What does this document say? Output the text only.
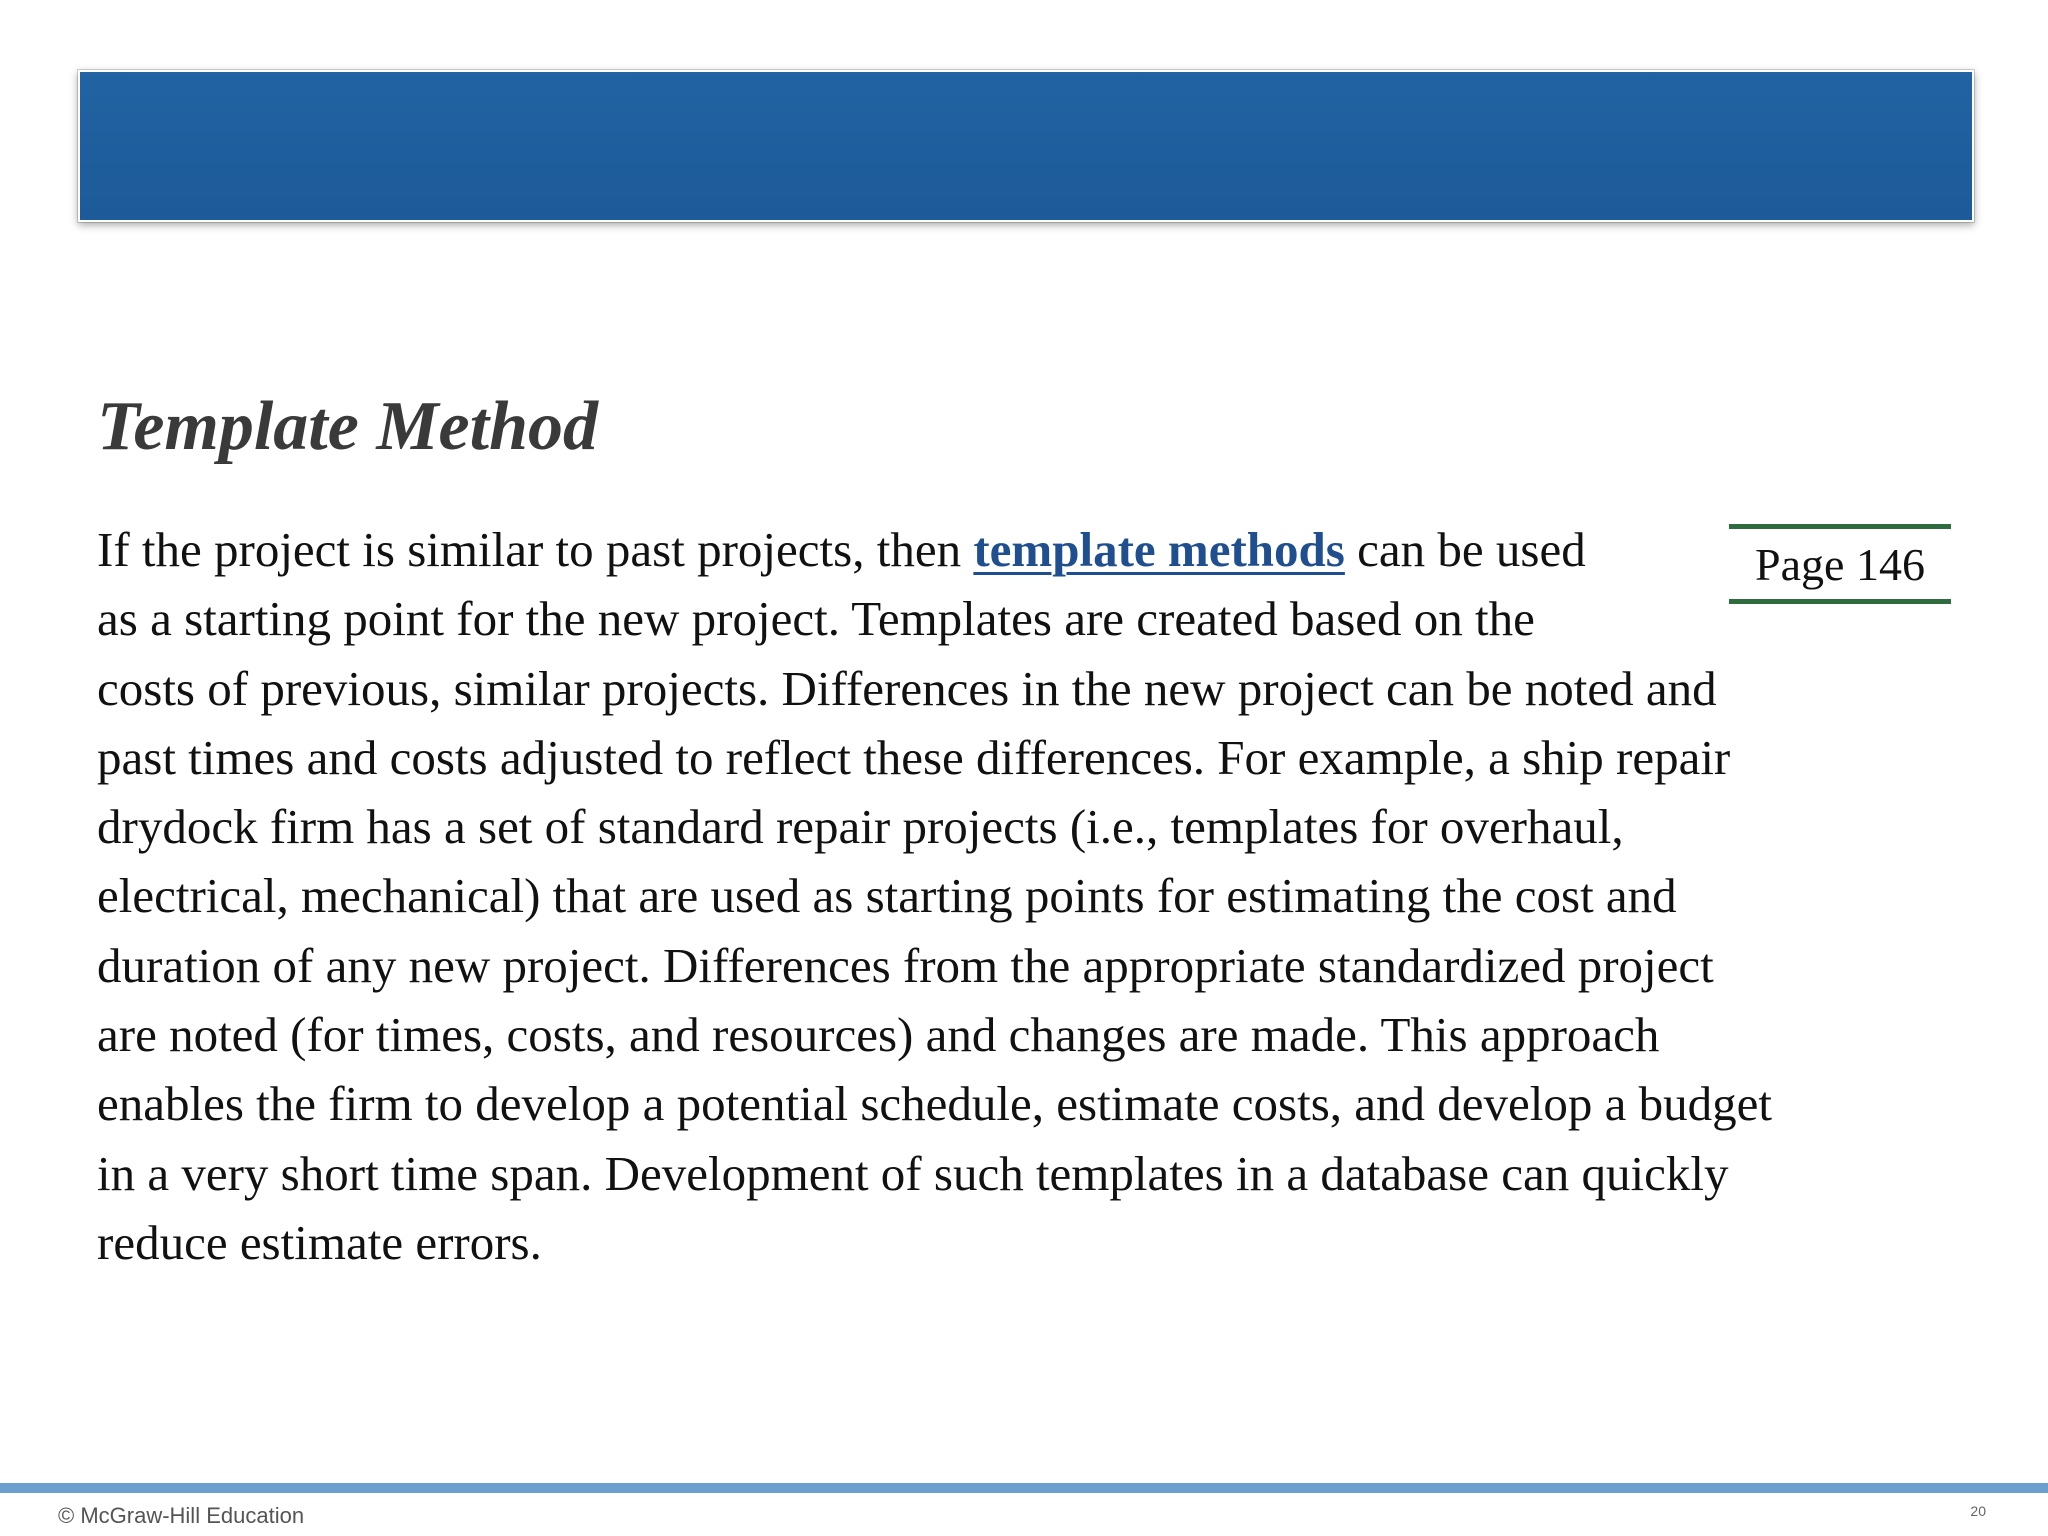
Template Method
Page 146
If the project is similar to past projects, then template methods can be used
as a starting point for the new project. Templates are created based on the
costs of previous, similar projects. Differences in the new project can be noted and
past times and costs adjusted to reflect these differences. For example, a ship repair
drydock firm has a set of standard repair projects (i.e., templates for overhaul,
electrical, mechanical) that are used as starting points for estimating the cost and
duration of any new project. Differences from the appropriate standardized project
are noted (for times, costs, and resources) and changes are made. This approach
enables the firm to develop a potential schedule, estimate costs, and develop a budget
in a very short time span. Development of such templates in a database can quickly
reduce estimate errors.
© McGraw-Hill Education	20
